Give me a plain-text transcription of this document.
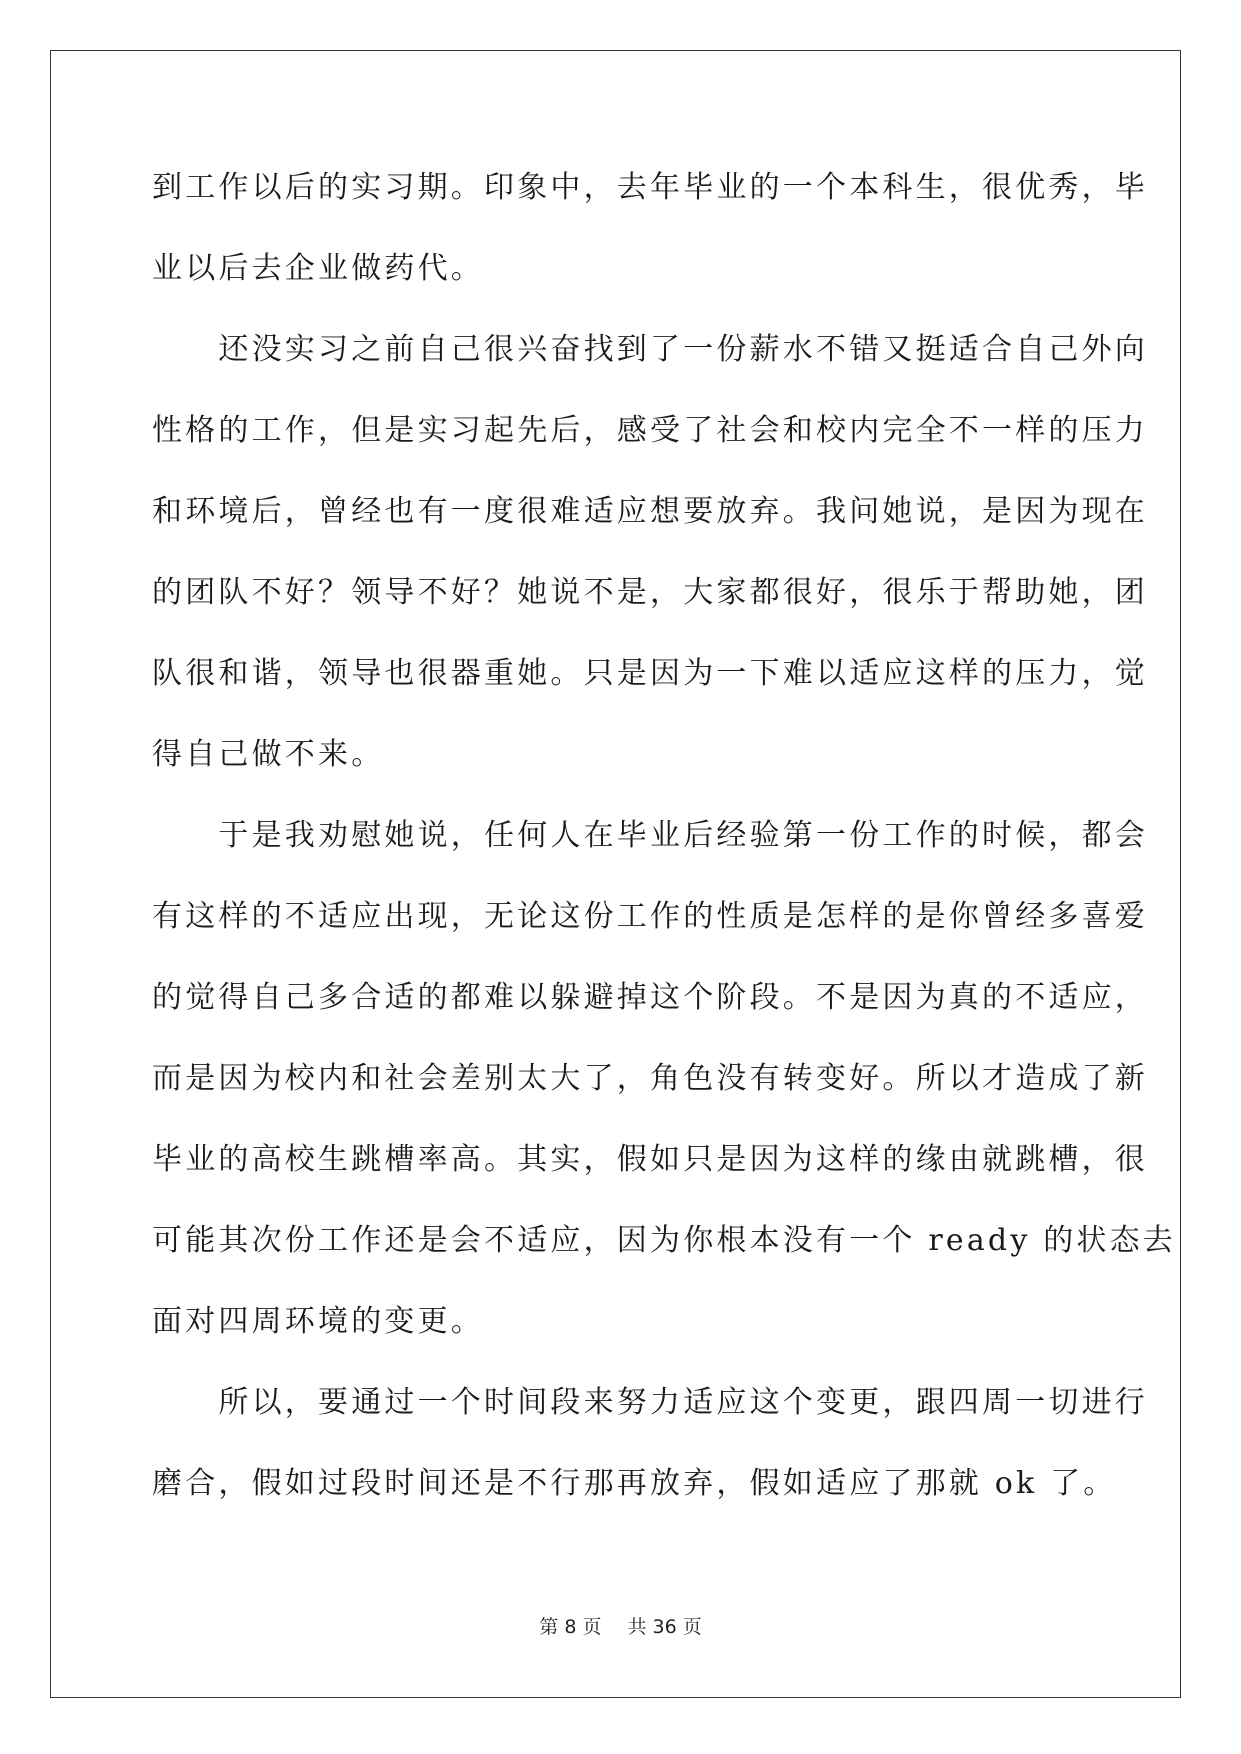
到工作以后的实习期。印象中，去年毕业的一个本科生，很优秀，毕
业以后去企业做药代。
　　还没实习之前自己很兴奋找到了一份薪水不错又挺适合自己外向
性格的工作，但是实习起先后，感受了社会和校内完全不一样的压力
和环境后，曾经也有一度很难适应想要放弃。我问她说，是因为现在
的团队不好？领导不好？她说不是，大家都很好，很乐于帮助她，团
队很和谐，领导也很器重她。只是因为一下难以适应这样的压力，觉
得自己做不来。
　　于是我劝慰她说，任何人在毕业后经验第一份工作的时候，都会
有这样的不适应出现，无论这份工作的性质是怎样的是你曾经多喜爱
的觉得自己多合适的都难以躲避掉这个阶段。不是因为真的不适应，
而是因为校内和社会差别太大了，角色没有转变好。所以才造成了新
毕业的高校生跳槽率高。其实，假如只是因为这样的缘由就跳槽，很
可能其次份工作还是会不适应，因为你根本没有一个 ready 的状态去
面对四周环境的变更。
　　所以，要通过一个时间段来努力适应这个变更，跟四周一切进行
磨合，假如过段时间还是不行那再放弃，假如适应了那就 ok 了。
第 8 页 共 36 页
